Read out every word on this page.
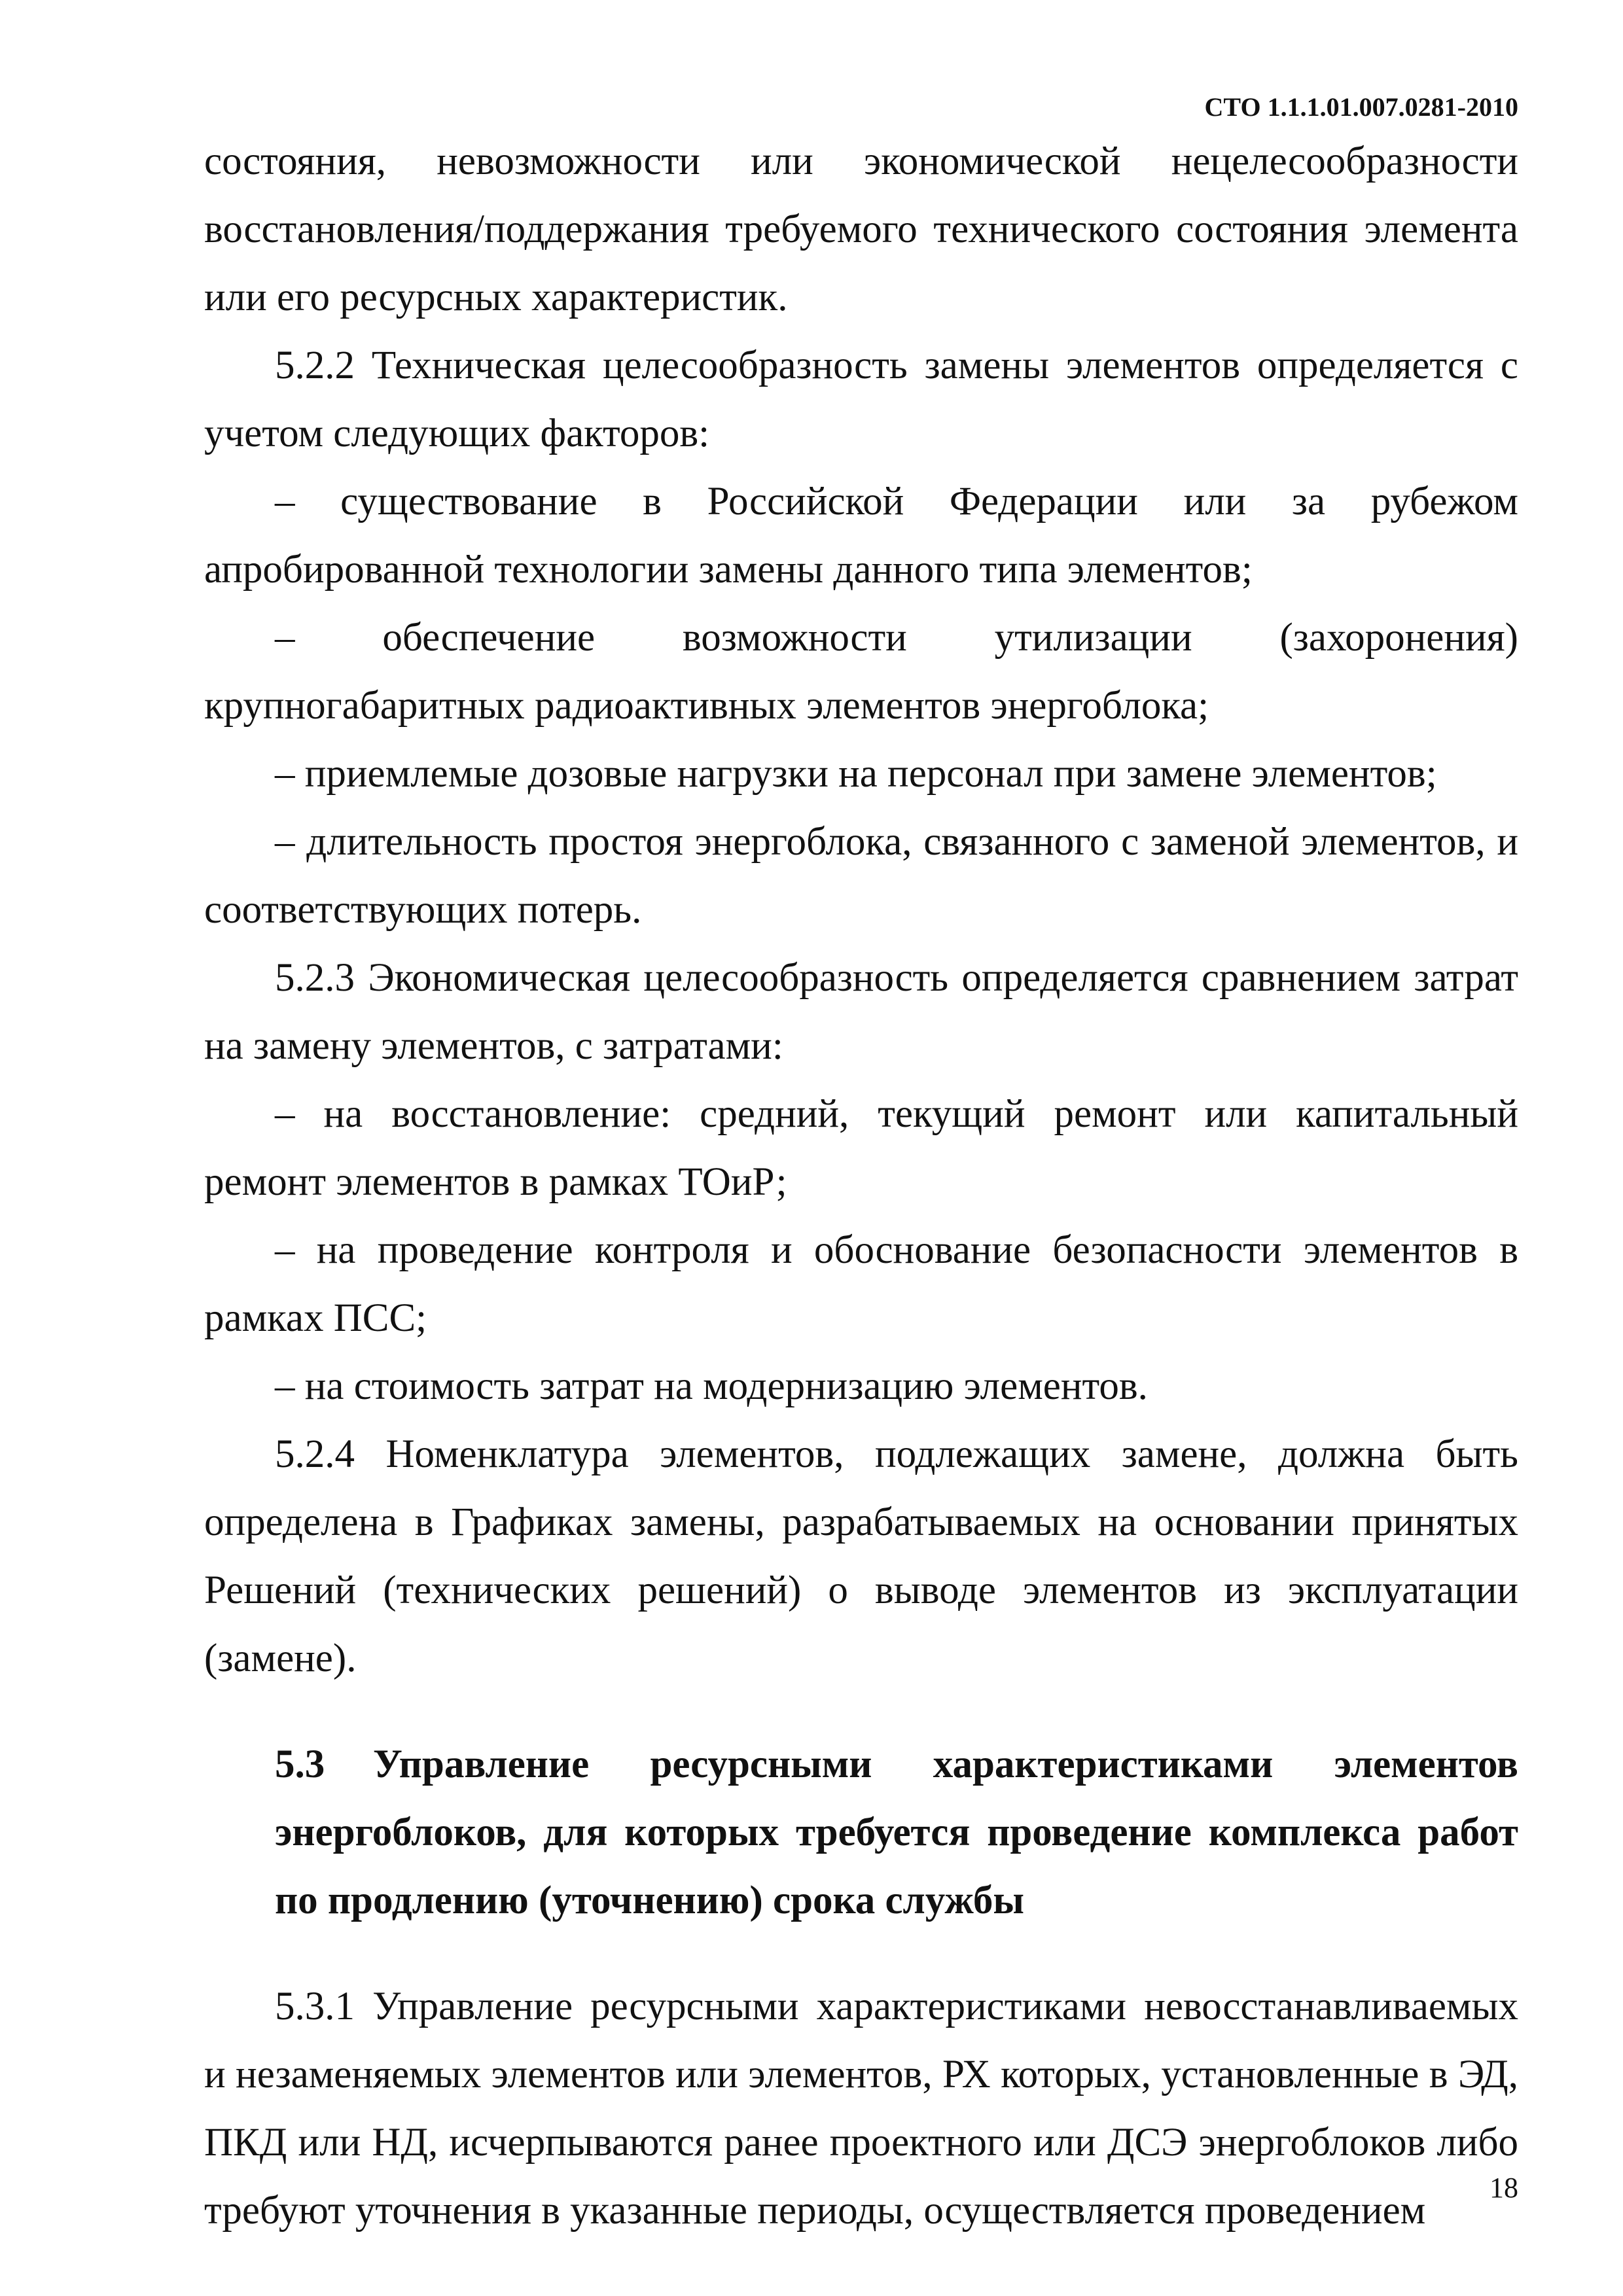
СТО 1.1.1.01.007.0281-2010

состояния, невозможности или экономической нецелесообразности восстановления/поддержания требуемого технического состояния элемента или его ресурсных характеристик.

5.2.2 Техническая целесообразность замены элементов определяется с учетом следующих факторов:

– существование в Российской Федерации или за рубежом апробированной технологии замены данного типа элементов;

– обеспечение возможности утилизации (захоронения) крупногабаритных радиоактивных элементов энергоблока;

– приемлемые дозовые нагрузки на персонал при замене элементов;

– длительность простоя энергоблока, связанного с заменой элементов, и соответствующих потерь.

5.2.3 Экономическая целесообразность определяется сравнением затрат на замену элементов, с затратами:

– на восстановление: средний, текущий ремонт или капитальный ремонт элементов в рамках ТОиР;

– на проведение контроля и обоснование безопасности элементов в рамках ПСС;

– на стоимость затрат на модернизацию элементов.

5.2.4 Номенклатура элементов, подлежащих замене, должна быть определена в Графиках замены, разрабатываемых на основании принятых Решений (технических решений) о выводе элементов из эксплуатации (замене).

5.3 Управление ресурсными характеристиками элементов энергоблоков, для которых требуется проведение комплекса работ по продлению (уточнению) срока службы

5.3.1 Управление ресурсными характеристиками невосстанавливаемых и незаменяемых элементов или элементов, РХ которых, установленные в ЭД, ПКД или НД, исчерпываются ранее проектного или ДСЭ энергоблоков либо требуют уточнения в указанные периоды, осуществляется проведением

18
